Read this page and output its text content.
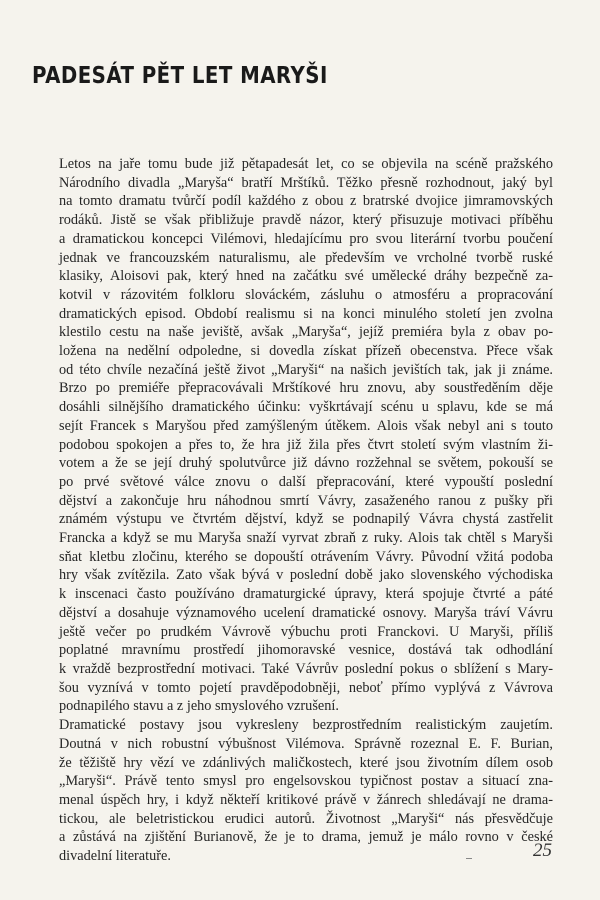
PADESÁT PĚT LET MARYŠI

Letos na jaře tomu bude již pětapadesát let, co se objevila na scéně pražského
Národního divadla „Maryša“ bratří Mrštíků. Těžko přesně rozhodnout, jaký byl
na tomto dramatu tvůrčí podíl každého z obou z bratrské dvojice jimramovských
rodáků. Jistě se však přibližuje pravdě názor, který přisuzuje motivaci příběhu
a dramatickou koncepci Vilémovi, hledajícímu pro svou literární tvorbu poučení
jednak ve francouzském naturalismu, ale především ve vrcholné tvorbě ruské
klasiky, Aloisovi pak, který hned na začátku své umělecké dráhy bezpečně za-
kotvil v rázovitém folkloru slováckém, zásluhu o atmosféru a propracování
dramatických episod. Období realismu si na konci minulého století jen zvolna
klestilo cestu na naše jeviště, avšak „Maryša“, jejíž premiéra byla z obav po-
ložena na nedělní odpoledne, si dovedla získat přízeň obecenstva. Přece však
od této chvíle nezačíná ještě život „Maryši“ na našich jevištích tak, jak ji známe.
Brzo po premiéře přepracovávali Mrštíkové hru znovu, aby soustředěním děje
dosáhli silnějšího dramatického účinku: vyškrtávají scénu u splavu, kde se má
sejít Francek s Maryšou před zamýšleným útěkem. Alois však nebyl ani s touto
podobou spokojen a přes to, že hra již žila přes čtvrt století svým vlastním ži-
votem a že se její druhý spolutvůrce již dávno rozžehnal se světem, pokouší se
po prvé světové válce znovu o další přepracování, které vypouští poslední
dějství a zakončuje hru náhodnou smrtí Vávry, zasaženého ranou z pušky při
známém výstupu ve čtvrtém dějství, když se podnapilý Vávra chystá zastřelit
Francka a když se mu Maryša snaží vyrvat zbraň z ruky. Alois tak chtěl s Maryši
sňat kletbu zločinu, kterého se dopouští otrávením Vávry. Původní vžitá podoba
hry však zvítězila. Zato však bývá v poslední době jako slovenského východiska
k inscenaci často používáno dramaturgické úpravy, která spojuje čtvrté a páté
dějství a dosahuje významového ucelení dramatické osnovy. Maryša tráví Vávru
ještě večer po prudkém Vávrově výbuchu proti Franckovi. U Maryši, příliš
poplatné mravnímu prostředí jihomoravské vesnice, dostává tak odhodlání
k vraždě bezprostřední motivaci. Také Vávrův poslední pokus o sblížení s Mary-
šou vyznívá v tomto pojetí pravděpodobněji, neboť přímo vyplývá z Vávrova
podnapilého stavu a z jeho smyslového vzrušení.

Dramatické postavy jsou vykresleny bezprostředním realistickým zaujetím.
Doutná v nich robustní výbušnost Vilémova. Správně rozeznal E. F. Burian,
že těžiště hry vězí ve zdánlivých maličkostech, které jsou životním dílem osob
„Maryši“. Právě tento smysl pro engelsovskou typičnost postav a situací zna-
menal úspěch hry, i když někteří kritikové právě v žánrech shledávají ne drama-
tickou, ale beletristickou erudici autorů. Životnost „Maryši“ nás přesvědčuje
a zůstává na zjištění Burianově, že je to drama, jemuž je málo rovno v české
divadelní literatuře.	25
